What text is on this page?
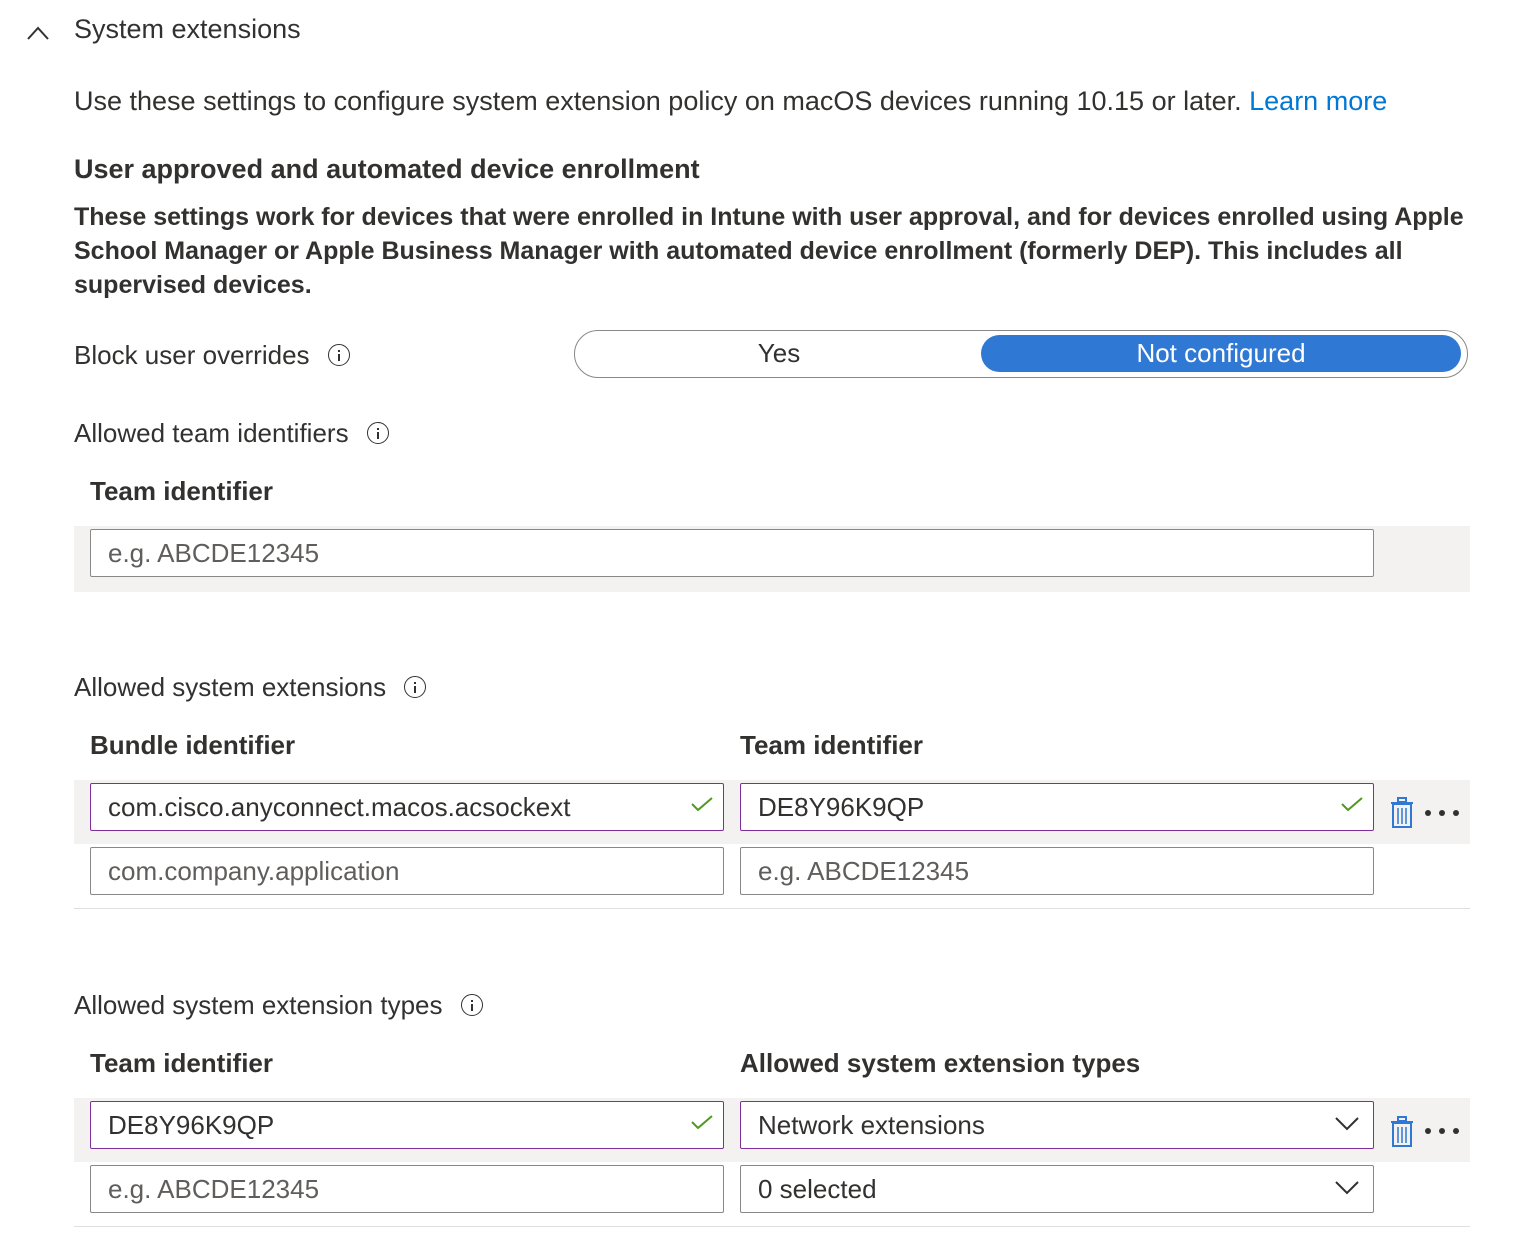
System extensions
Use these settings to configure system extension policy on macOS devices running 10.15 or later. Learn more
User approved and automated device enrollment
These settings work for devices that were enrolled in Intune with user approval, and for devices enrolled using Apple School Manager or Apple Business Manager with automated device enrollment (formerly DEP). This includes all supervised devices.
Block user overrides	Yes	Not configured
Allowed team identifiers
Team identifier
e.g. ABCDE12345
Allowed system extensions
Bundle identifier	Team identifier
com.cisco.anyconnect.macos.acsockext	DE8Y96K9QP
com.company.application	e.g. ABCDE12345
Allowed system extension types
Team identifier	Allowed system extension types
DE8Y96K9QP	Network extensions
e.g. ABCDE12345	0 selected
